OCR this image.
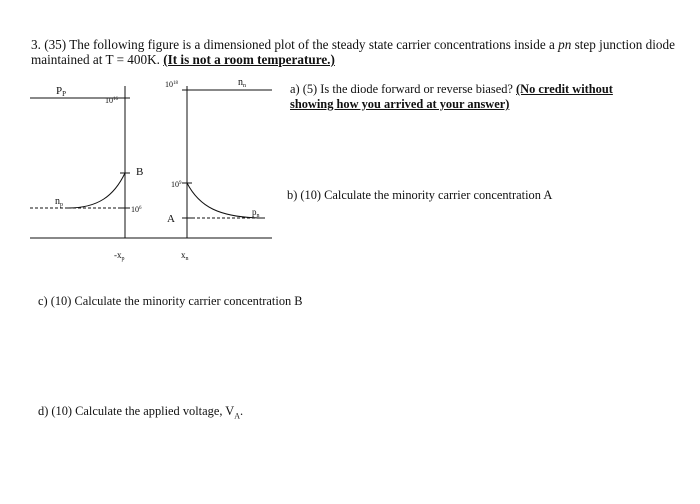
3. (35) The following figure is a dimensioned plot of the steady state carrier concentrations inside a pn step junction diode maintained at T = 400K. (It is not a room temperature.)
PP
$10^{16}$
$10^{18}$	$n_n$
B
$10^9$
$n_p$	$10^6$
A
$p_n$
$-x_p$	$x_n$
a) (5) Is the diode forward or reverse biased? (No credit without showing how you arrived at your answer)
b) (10) Calculate the minority carrier concentration A
c) (10) Calculate the minority carrier concentration B
d) (10) Calculate the applied voltage, $V_A$.
